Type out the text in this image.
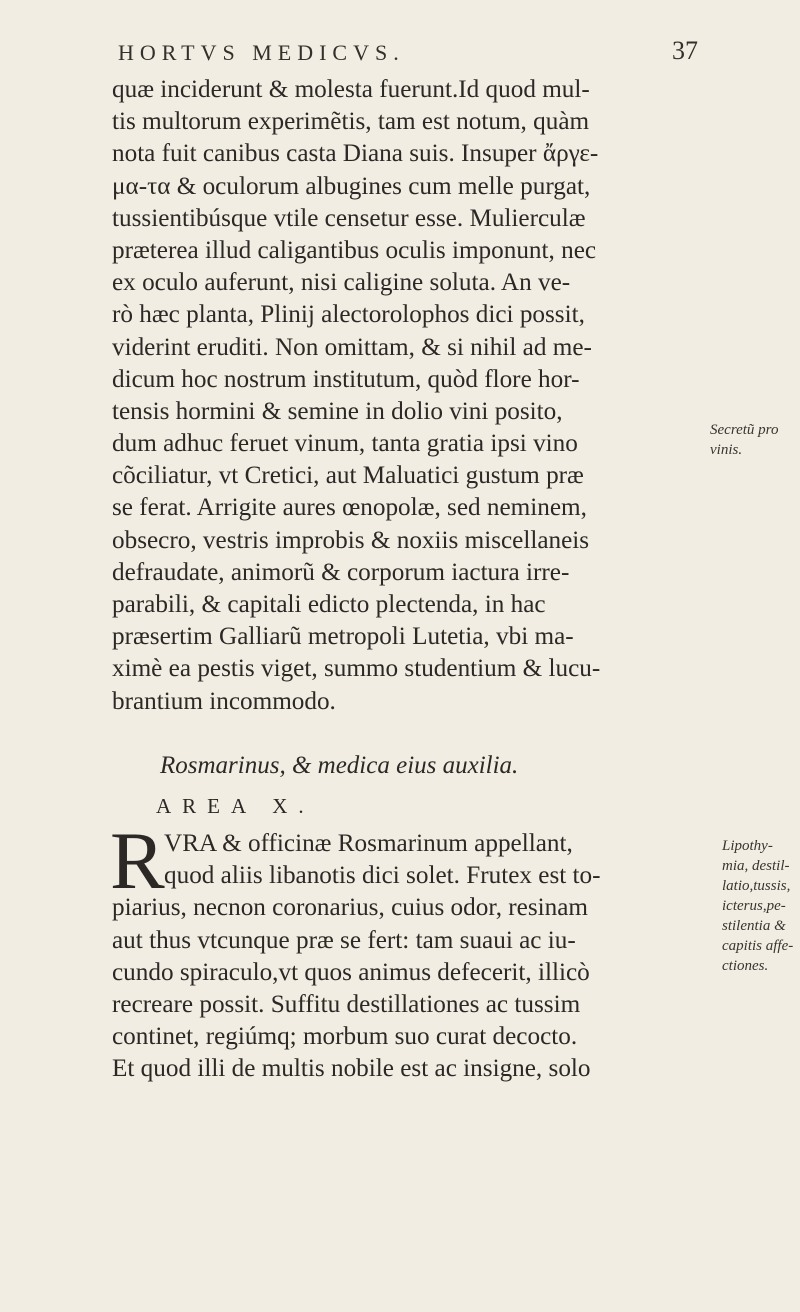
HORTVS MEDICVS.	37
quæ inciderunt & molesta fuerunt.Id quod mul-
tis multorum experimẽtis, tam est notum, quàm
nota fuit canibus casta Diana suis. Insuper ἄργε-
μα-τα & oculorum albugines cum melle purgat,
tussientibúsque vtile censetur esse. Mulierculæ
præterea illud caligantibus oculis imponunt, nec
ex oculo auferunt, nisi caligine soluta. An ve-
rò hæc planta, Plinij alectorolophos dici possit,
viderint eruditi. Non omittam, & si nihil ad me-
dicum hoc nostrum institutum, quòd flore hor-
tensis hormini & semine in dolio vini posito,
dum adhuc feruet vinum, tanta gratia ipsi vino
cõciliatur, vt Cretici, aut Maluatici gustum præ
se ferat. Arrigite aures œnopolæ, sed neminem,
obsecro, vestris improbis & noxiis miscellaneis
defraudate, animorũ & corporum iactura irre-
parabili, & capitali edicto plectenda, in hac
præsertim Galliarũ metropoli Lutetia, vbi ma-
ximè ea pestis viget, summo studentium & lucu-
brantium incommodo.
Secretũ pro
vinis.
Rosmarinus, & medica eius auxilia.
AREA X.
R VRA & officinæ Rosmarinum appellant,
quod aliis libanotis dici solet. Frutex est to-
piarius, necnon coronarius, cuius odor, resinam
aut thus vtcunque præ se fert: tam suaui ac iu-
cundo spiraculo,vt quos animus defecerit, illicò
recreare possit. Suffitu destillationes ac tussim
continet, regiúmq; morbum suo curat decocto.
Et quod illi de multis nobile est ac insigne, solo
Lipothy-
mia, destil-
latio,tussis,
icterus,pe-
stilentia &
capitis affe-
ctiones.
